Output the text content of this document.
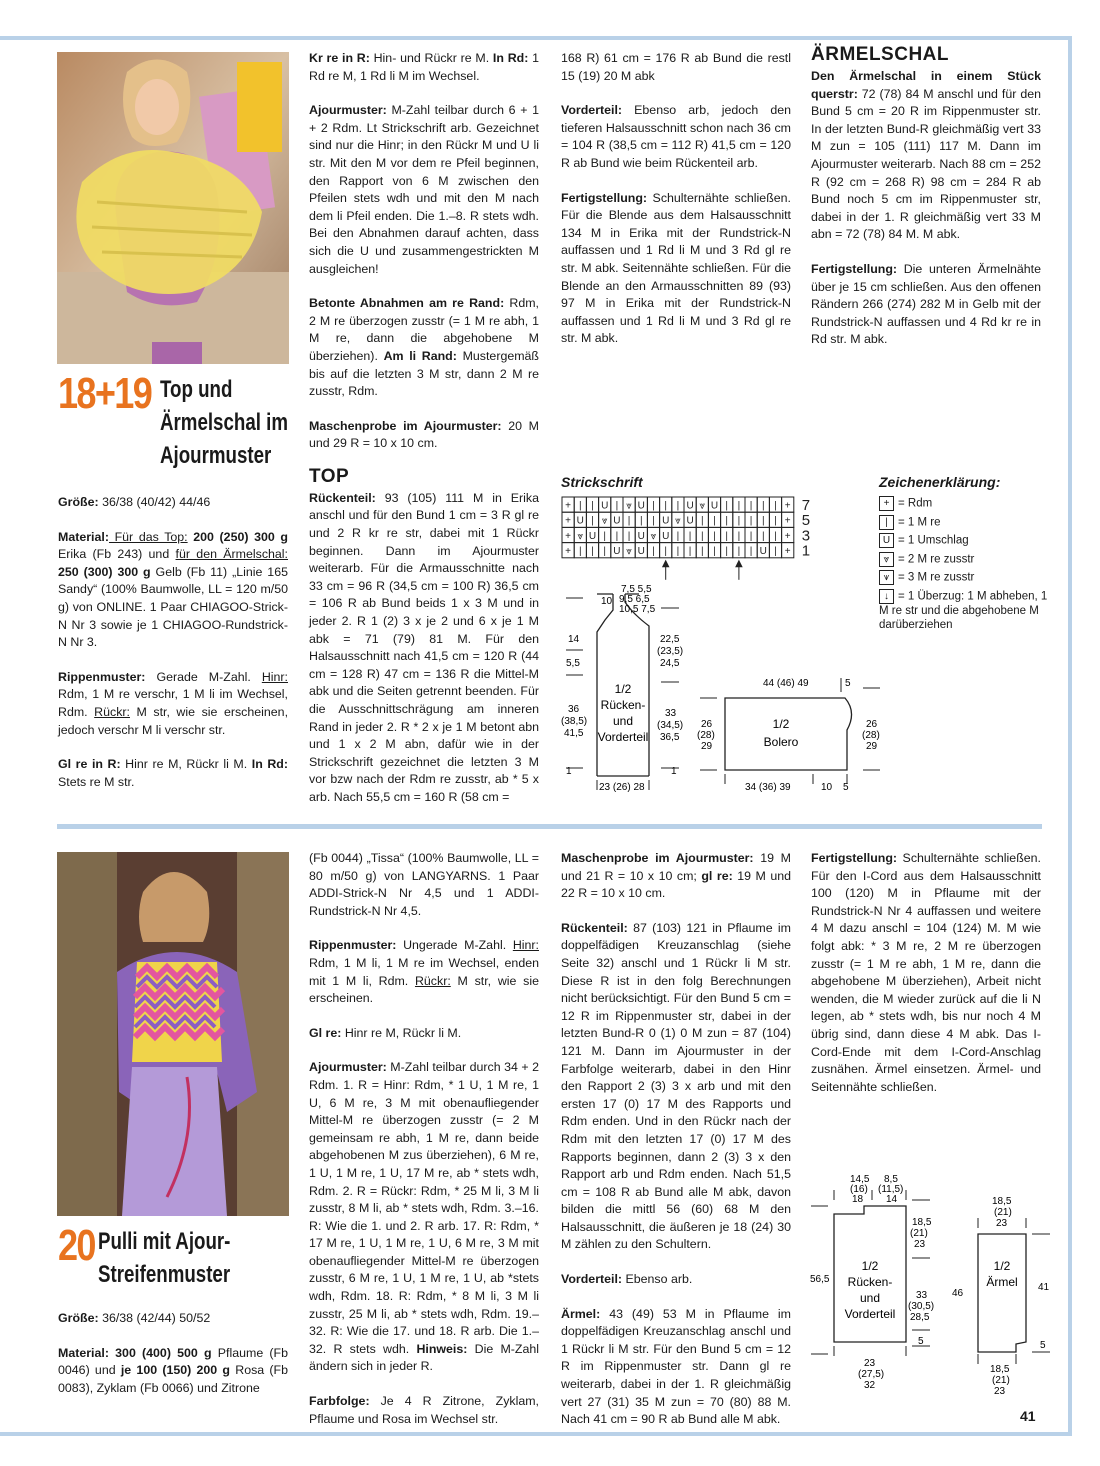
18+19 Top und
Ärmelschal im
Ajourmuster

Größe: 36/38 (40/42) 44/46

Material: Für das Top: 200 (250) 300 g Erika (Fb 243) und für den Ärmelschal: 250 (300) 300 g Gelb (Fb 11) „Linie 165 Sandy“ (100% Baumwolle, LL = 120 m/50 g) von ONLINE. 1 Paar CHIAGOO-Strick-N Nr 3 sowie je 1 CHIAGOO-Rundstrick-N Nr 3.

Rippenmuster: Gerade M-Zahl. Hinr: Rdm, 1 M re verschr, 1 M li im Wechsel, Rdm. Rückr: M str, wie sie erscheinen, jedoch verschr M li verschr str.

Gl re in R: Hinr re M, Rückr li M. In Rd: Stets re M str.

Kr re in R: Hin- und Rückr re M. In Rd: 1 Rd re M, 1 Rd li M im Wechsel.

Ajourmuster: M-Zahl teilbar durch 6 + 1 + 2 Rdm. Lt Strickschrift arb. Gezeichnet sind nur die Hinr; in den Rückr M und U li str. Mit den M vor dem re Pfeil beginnen, den Rapport von 6 M zwischen den Pfeilen stets wdh und mit den M nach dem li Pfeil enden. Die 1.–8. R stets wdh. Bei den Abnahmen darauf achten, dass sich die U und zusammengestrickten M ausgleichen!

Betonte Abnahmen am re Rand: Rdm, 2 M re überzogen zusstr (= 1 M re abh, 1 M re, dann die abgehobene M überziehen). Am li Rand: Mustergemäß bis auf die letzten 3 M str, dann 2 M re zusstr, Rdm.

Maschenprobe im Ajourmuster: 20 M und 29 R = 10 x 10 cm.

TOP

Rückenteil: 93 (105) 111 M in Erika anschl und für den Bund 1 cm = 3 R gl re und 2 R kr re str, dabei mit 1 Rückr beginnen. Dann im Ajourmuster weiterarb. Für die Armausschnitte nach 33 cm = 96 R (34,5 cm = 100 R) 36,5 cm = 106 R ab Bund beids 1 x 3 M und in jeder 2. R 1 (2) 3 x je 2 und 6 x je 1 M abk = 71 (79) 81 M. Für den Halsausschnitt nach 41,5 cm = 120 R (44 cm = 128 R) 47 cm = 136 R die Mittel-M abk und die Seiten getrennt beenden. Für die Ausschnittschrägung am inneren Rand in jeder 2. R * 2 x je 1 M betont abn und 1 x 2 M abn, dafür wie in der Strickschrift gezeichnet die letzten 3 M vor bzw nach der Rdm re zusstr, ab * 5 x arb. Nach 55,5 cm = 160 R (58 cm =

168 R) 61 cm = 176 R ab Bund die restl 15 (19) 20 M abk

Vorderteil: Ebenso arb, jedoch den tieferen Halsausschnitt schon nach 36 cm = 104 R (38,5 cm = 112 R) 41,5 cm = 120 R ab Bund wie beim Rückenteil arb.

Fertigstellung: Schulternähte schließen. Für die Blende aus dem Halsausschnitt 134 M in Erika mit der Rundstrick-N auffassen und 1 Rd li M und 3 Rd gl re str. M abk. Seitennähte schließen. Für die Blende an den Armausschnitten 89 (93) 97 M in Erika mit der Rundstrick-N auffassen und 1 Rd li M und 3 Rd gl re str. M abk.

ÄRMELSCHAL

Den Ärmelschal in einem Stück querstr: 72 (78) 84 M anschl und für den Bund 5 cm = 20 R im Rippenmuster str. In der letzten Bund-R gleichmäßig vert 33 M zun = 105 (111) 117 M. Dann im Ajourmuster weiterarb. Nach 88 cm = 252 R (92 cm = 268 R) 98 cm = 284 R ab Bund noch 5 cm im Rippenmuster str, dabei in der 1. R gleichmäßig vert 33 M abn = 72 (78) 84 M. M abk.

Fertigstellung: Die unteren Ärmelnähte über je 15 cm schließen. Aus den offenen Rändern 266 (274) 282 M in Gelb mit der Rundstrick-N auffassen und 4 Rd kr re in Rd str. M abk.

Strickschrift
+ | | U | ⩔ U | | | U ⩔ U | | | | | +
+ U | ⩔ U | | | U ⩔ U | | | | | | | +
+ ⩔ U | | | U ⩔ U | | | | | | | | | +
+ | | | U ⩔ U | | | | | | | | | U | +
7
5
3
1
Zeichenerklärung:
+ = Rdm
| = 1 M re
U = 1 Umschlag
⩔ = 2 M re zusstr
⩛ = 3 M re zusstr
↓ = 1 Überzug: 1 M abheben, 1 M re str und die abgehobene M darüberziehen
10
7,5 5,5
9,5 6,5
10,5 7,5
14
5,5
36
(38,5)
41,5
1
22,5
(23,5)
24,5
33
(34,5)
36,5
1
1/2
Rücken-
und
Vorderteil
23 (26) 28
44 (46) 49	5
26
(28)
29
26
(28)
29
1/2
Bolero
34 (36) 39	10 5
20 Pulli mit Ajour-
Streifenmuster

Größe: 36/38 (42/44) 50/52

Material: 300 (400) 500 g Pflaume (Fb 0046) und je 100 (150) 200 g Rosa (Fb 0083), Zyklam (Fb 0066) und Zitrone

(Fb 0044) „Tissa“ (100% Baumwolle, LL = 80 m/50 g) von LANGYARNS. 1 Paar ADDI-Strick-N Nr 4,5 und 1 ADDI-Rundstrick-N Nr 4,5.

Rippenmuster: Ungerade M-Zahl. Hinr: Rdm, 1 M li, 1 M re im Wechsel, enden mit 1 M li, Rdm. Rückr: M str, wie sie erscheinen.

Gl re: Hinr re M, Rückr li M.

Ajourmuster: M-Zahl teilbar durch 34 + 2 Rdm. 1. R = Hinr: Rdm, * 1 U, 1 M re, 1 U, 6 M re, 3 M mit obenaufliegender Mittel-M re überzogen zusstr (= 2 M gemeinsam re abh, 1 M re, dann beide abgehobenen M zus überziehen), 6 M re, 1 U, 1 M re, 1 U, 17 M re, ab * stets wdh, Rdm. 2. R = Rückr: Rdm, * 25 M li, 3 M li zusstr, 8 M li, ab * stets wdh, Rdm. 3.–16. R: Wie die 1. und 2. R arb. 17. R: Rdm, * 17 M re, 1 U, 1 M re, 1 U, 6 M re, 3 M mit obenaufliegender Mittel-M re überzogen zusstr, 6 M re, 1 U, 1 M re, 1 U, ab *stets wdh, Rdm. 18. R: Rdm, * 8 M li, 3 M li zusstr, 25 M li, ab * stets wdh, Rdm. 19.–32. R: Wie die 17. und 18. R arb. Die 1.–32. R stets wdh. Hinweis: Die M-Zahl ändern sich in jeder R.

Farbfolge: Je 4 R Zitrone, Zyklam, Pflaume und Rosa im Wechsel str.

Maschenprobe im Ajourmuster: 19 M und 21 R = 10 x 10 cm; gl re: 19 M und 22 R = 10 x 10 cm.

Rückenteil: 87 (103) 121 in Pflaume im doppelfädigen Kreuzanschlag (siehe Seite 32) anschl und 1 Rückr li M str. Diese R ist in den folg Berechnungen nicht berücksichtigt. Für den Bund 5 cm = 12 R im Rippenmuster str, dabei in der letzten Bund-R 0 (1) 0 M zun = 87 (104) 121 M. Dann im Ajourmuster in der Farbfolge weiterarb, dabei in den Hinr den Rapport 2 (3) 3 x arb und mit den ersten 17 (0) 17 M des Rapports und Rdm enden. Und in den Rückr nach der Rdm mit den letzten 17 (0) 17 M des Rapports beginnen, dann 2 (3) 3 x den Rapport arb und Rdm enden. Nach 51,5 cm = 108 R ab Bund alle M abk, davon bilden die mittl 56 (60) 68 M den Halsausschnitt, die äußeren je 18 (24) 30 M zählen zu den Schultern.

Vorderteil: Ebenso arb.

Ärmel: 43 (49) 53 M in Pflaume im doppelfädigen Kreuzanschlag anschl und 1 Rückr li M str. Für den Bund 5 cm = 12 R im Rippenmuster str. Dann gl re weiterarb, dabei in der 1. R gleichmäßig vert 27 (31) 35 M zun = 70 (80) 88 M. Nach 41 cm = 90 R ab Bund alle M abk.

Fertigstellung: Schulternähte schließen. Für den I-Cord aus dem Halsausschnitt 100 (120) M in Pflaume mit der Rundstrick-N Nr 4 auffassen und weitere 4 M dazu anschl = 104 (124) M. M wie folgt abk: * 3 M re, 2 M re überzogen zusstr (= 1 M re abh, 1 M re, dann die abgehobene M überziehen), Arbeit nicht wenden, die M wieder zurück auf die li N legen, ab * stets wdh, bis nur noch 4 M übrig sind, dann diese 4 M abk. Das I-Cord-Ende mit dem I-Cord-Anschlag zusnähen. Ärmel einsetzen. Ärmel- und Seitennähte schließen.

14,5
(16)
18
8,5
(11,5)
14
56,5
18,5
(21)
23
33
(30,5)
28,5
5
1/2
Rücken-
und
Vorderteil
23
(27,5)
32
18,5
(21)
23
46
41
5
1/2
Ärmel
18,5
(21)
23
41
